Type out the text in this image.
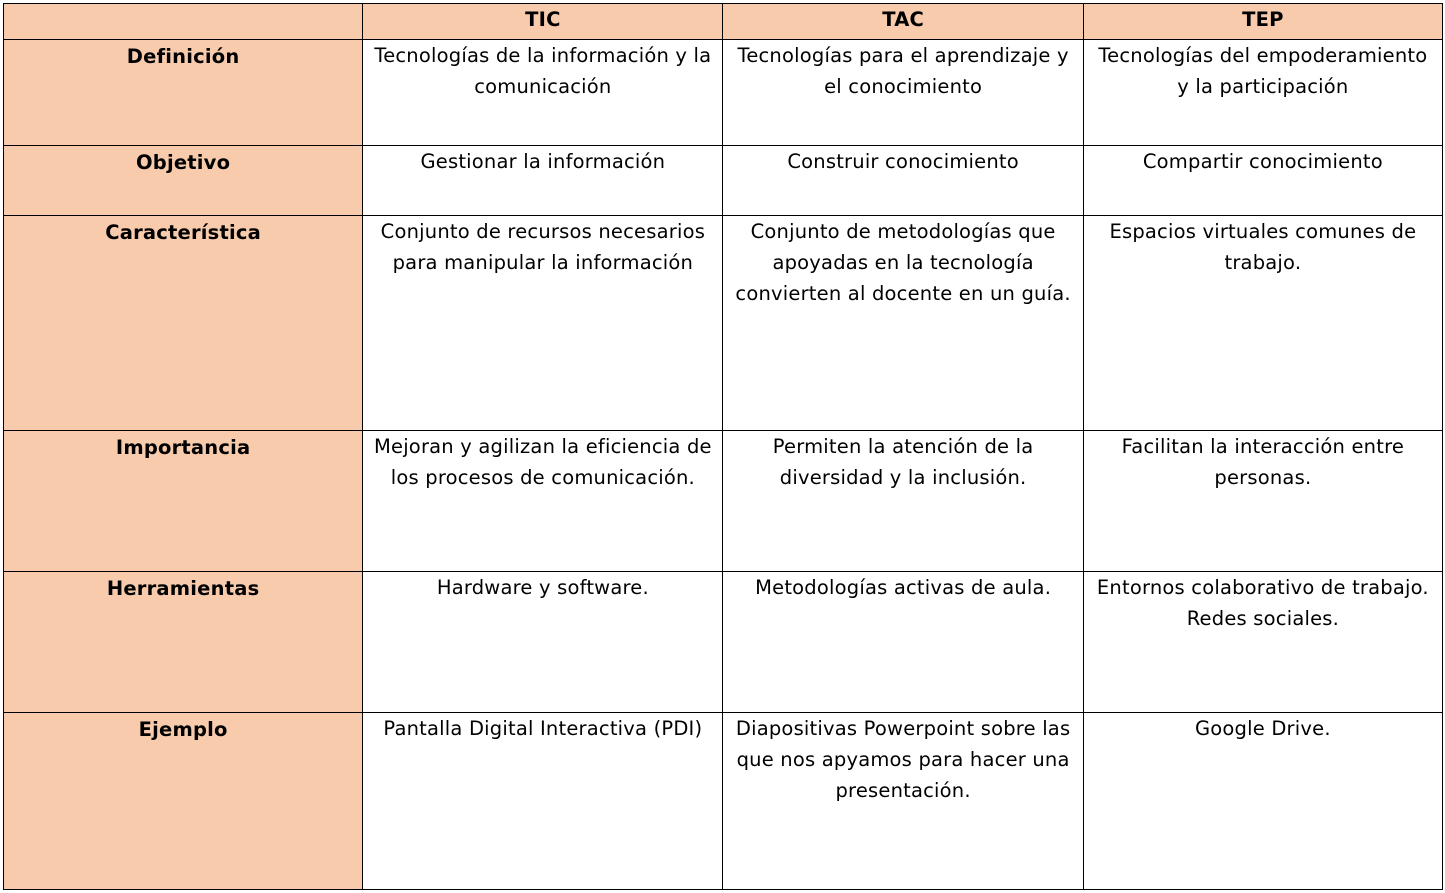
	TIC	TAC	TEP
Definición	Tecnologías de la información y la comunicación	Tecnologías para el aprendizaje y el conocimiento	Tecnologías del empoderamiento y la participación
Objetivo	Gestionar la información	Construir conocimiento	Compartir conocimiento
Característica	Conjunto de recursos necesarios para manipular la información	Conjunto de metodologías que apoyadas en la tecnología convierten al docente en un guía.	Espacios virtuales comunes de trabajo.
Importancia	Mejoran y agilizan la eficiencia de los procesos de comunicación.	Permiten la atención de la diversidad y la inclusión.	Facilitan la interacción entre personas.
Herramientas	Hardware y software.	Metodologías activas de aula.	Entornos colaborativo de trabajo. Redes sociales.
Ejemplo	Pantalla Digital Interactiva (PDI)	Diapositivas Powerpoint sobre las que nos apyamos para hacer una presentación.	Google Drive.
